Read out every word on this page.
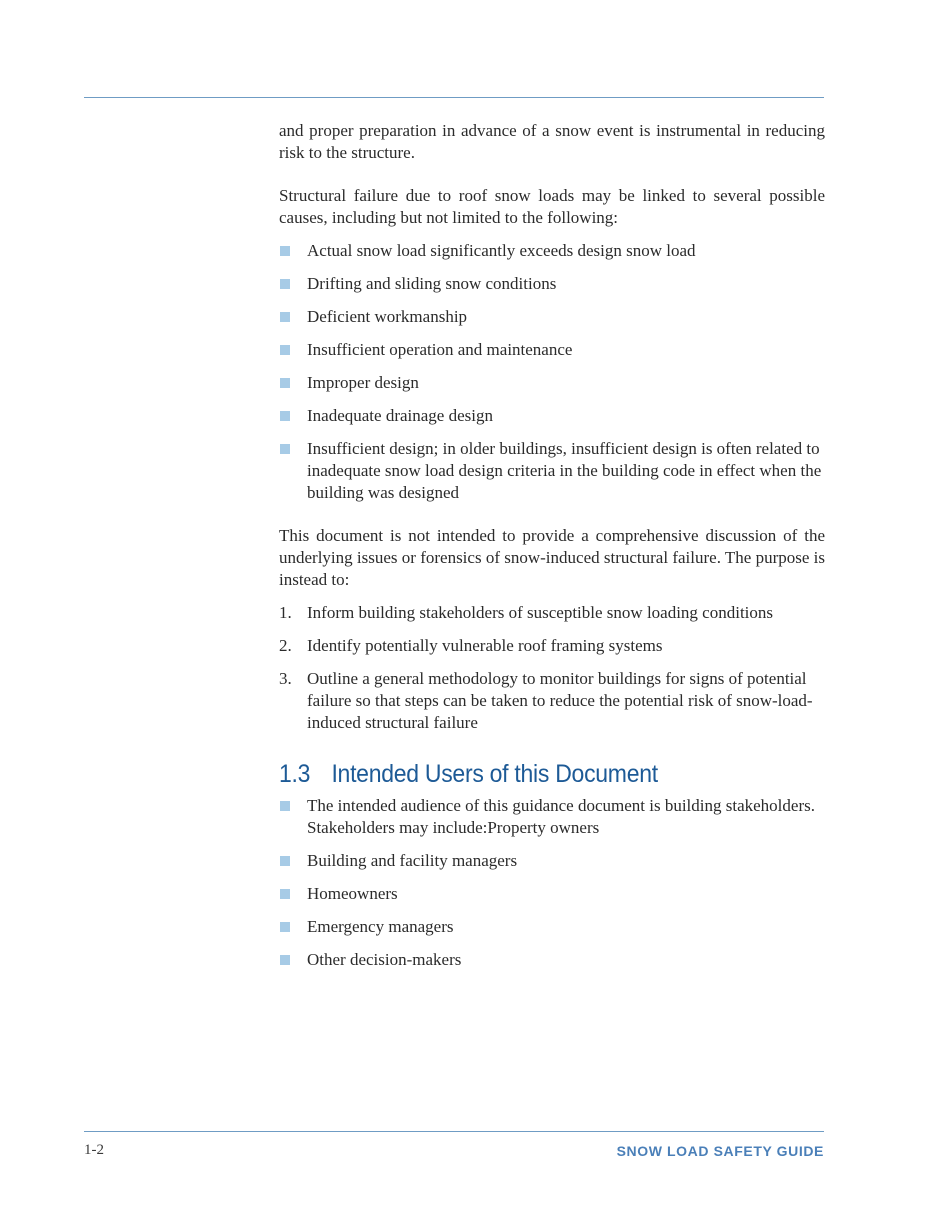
and proper preparation in advance of a snow event is instrumental in reducing risk to the structure.

Structural failure due to roof snow loads may be linked to several possible causes, including but not limited to the following:

Actual snow load significantly exceeds design snow load
Drifting and sliding snow conditions
Deficient workmanship
Insufficient operation and maintenance
Improper design
Inadequate drainage design
Insufficient design; in older buildings, insufficient design is often related to inadequate snow load design criteria in the building code in effect when the building was designed

This document is not intended to provide a comprehensive discussion of the underlying issues or forensics of snow-induced structural failure. The purpose is instead to:

1. Inform building stakeholders of susceptible snow loading conditions
2. Identify potentially vulnerable roof framing systems
3. Outline a general methodology to monitor buildings for signs of potential failure so that steps can be taken to reduce the potential risk of snow-load-induced structural failure
1.3 Intended Users of this Document
The intended audience of this guidance document is building stakeholders. Stakeholders may include:Property owners
Building and facility managers
Homeowners
Emergency managers
Other decision-makers
1-2	SNOW LOAD SAFETY GUIDE
